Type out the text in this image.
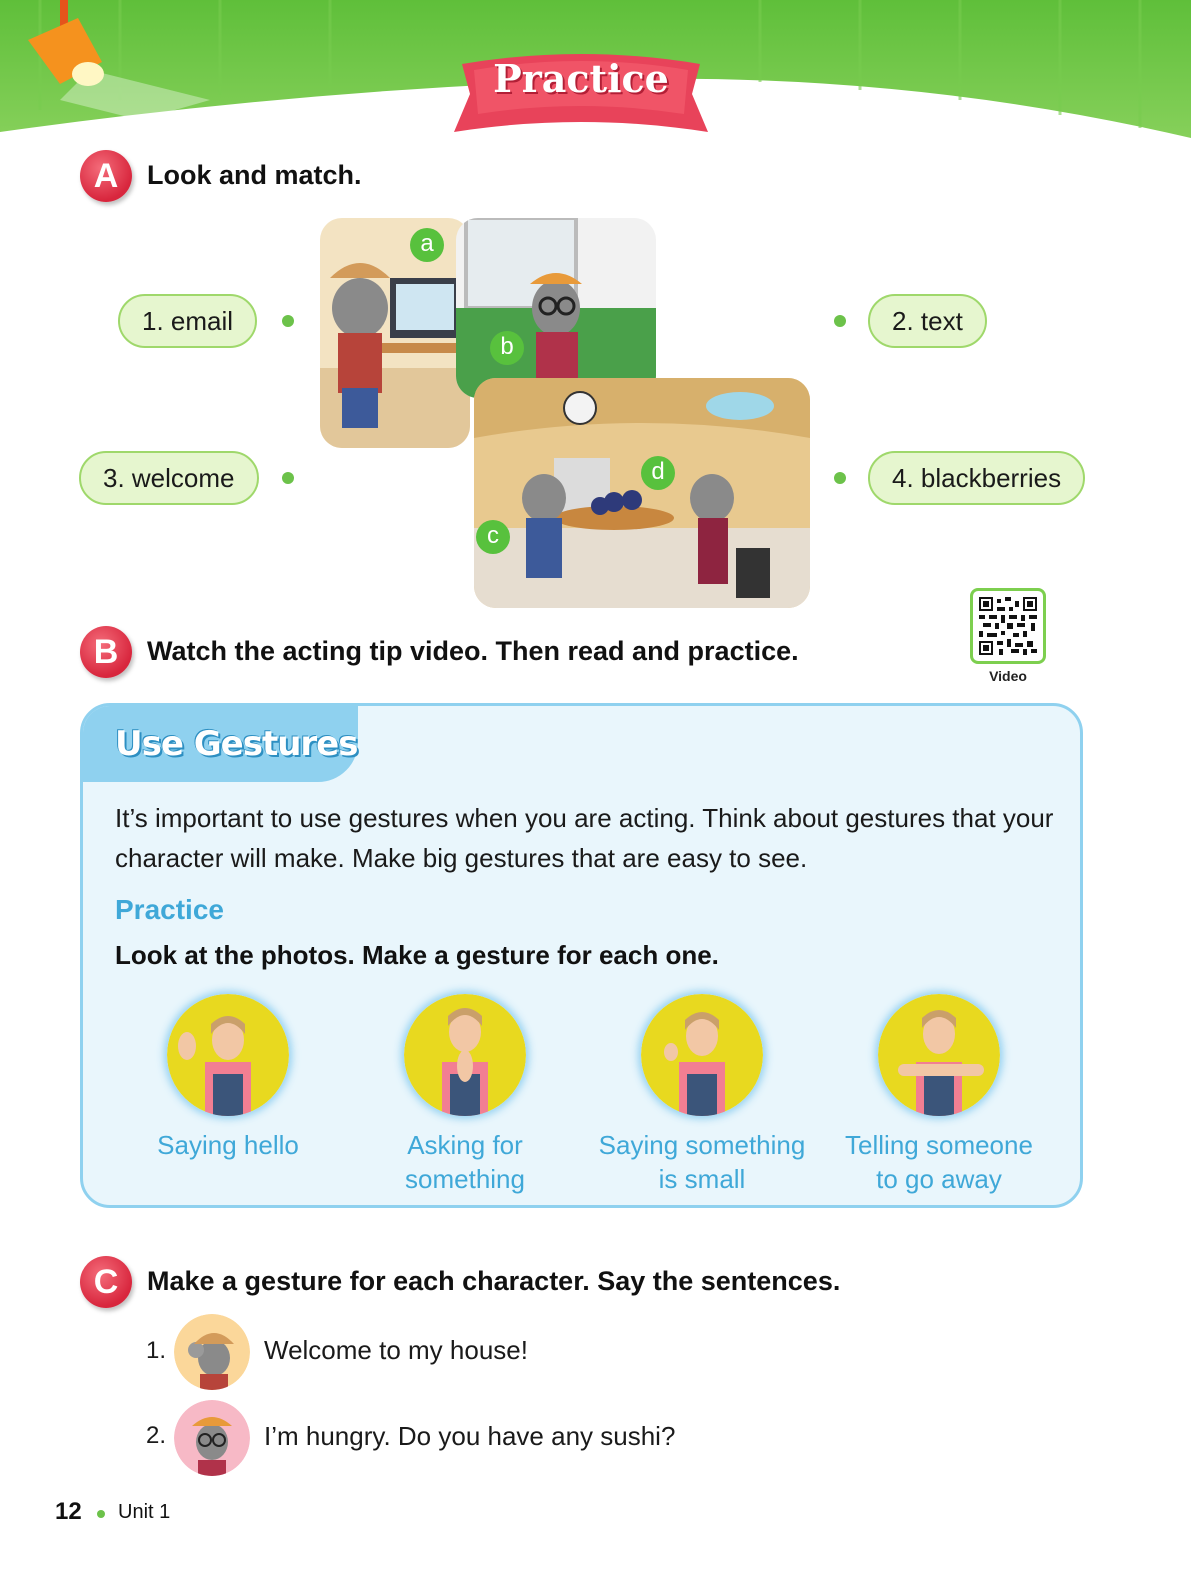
Practice
A	Look and match.
1. email	2. text
3. welcome	4. blackberries
a
b
c
d
B	Watch the acting tip video. Then read and practice.
Video
Use Gestures
It’s important to use gestures when you are acting. Think about gestures that your character will make. Make big gestures that are easy to see.
Practice
Look at the photos. Make a gesture for each one.
Saying hello	Asking for
something
Saying something
is small
Telling someone
to go away
C	Make a gesture for each character. Say the sentences.
1.	Welcome to my house!
2.	I’m hungry. Do you have any sushi?
12 Unit 1
